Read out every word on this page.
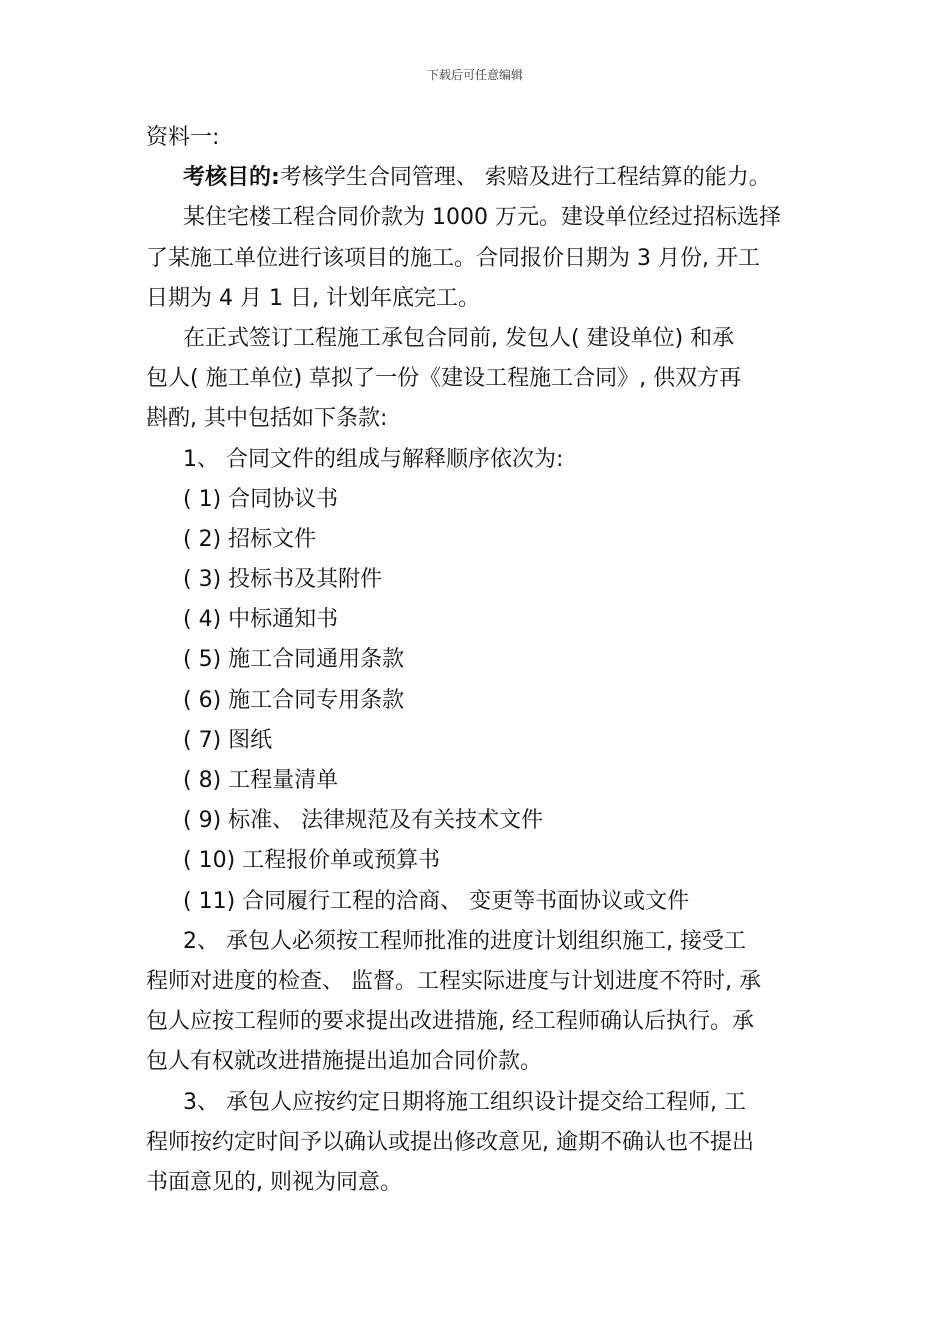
下载后可任意编辑
资料一:
考核目的:考核学生合同管理、 索赔及进行工程结算的能力。
某住宅楼工程合同价款为 1000 万元。建设单位经过招标选择
了某施工单位进行该项目的施工。合同报价日期为 3 月份, 开工
日期为 4 月 1 日, 计划年底完工。
在正式签订工程施工承包合同前, 发包人( 建设单位) 和承
包人( 施工单位) 草拟了一份《建设工程施工合同》, 供双方再
斟酌, 其中包括如下条款:
1、 合同文件的组成与解释顺序依次为:
( 1) 合同协议书
( 2) 招标文件
( 3) 投标书及其附件
( 4) 中标通知书
( 5) 施工合同通用条款
( 6) 施工合同专用条款
( 7) 图纸
( 8) 工程量清单
( 9) 标准、 法律规范及有关技术文件
( 10) 工程报价单或预算书
( 11) 合同履行工程的洽商、 变更等书面协议或文件
2、 承包人必须按工程师批准的进度计划组织施工, 接受工
程师对进度的检查、 监督。工程实际进度与计划进度不符时, 承
包人应按工程师的要求提出改进措施, 经工程师确认后执行。承
包人有权就改进措施提出追加合同价款。
3、 承包人应按约定日期将施工组织设计提交给工程师, 工
程师按约定时间予以确认或提出修改意见, 逾期不确认也不提出
书面意见的, 则视为同意。
